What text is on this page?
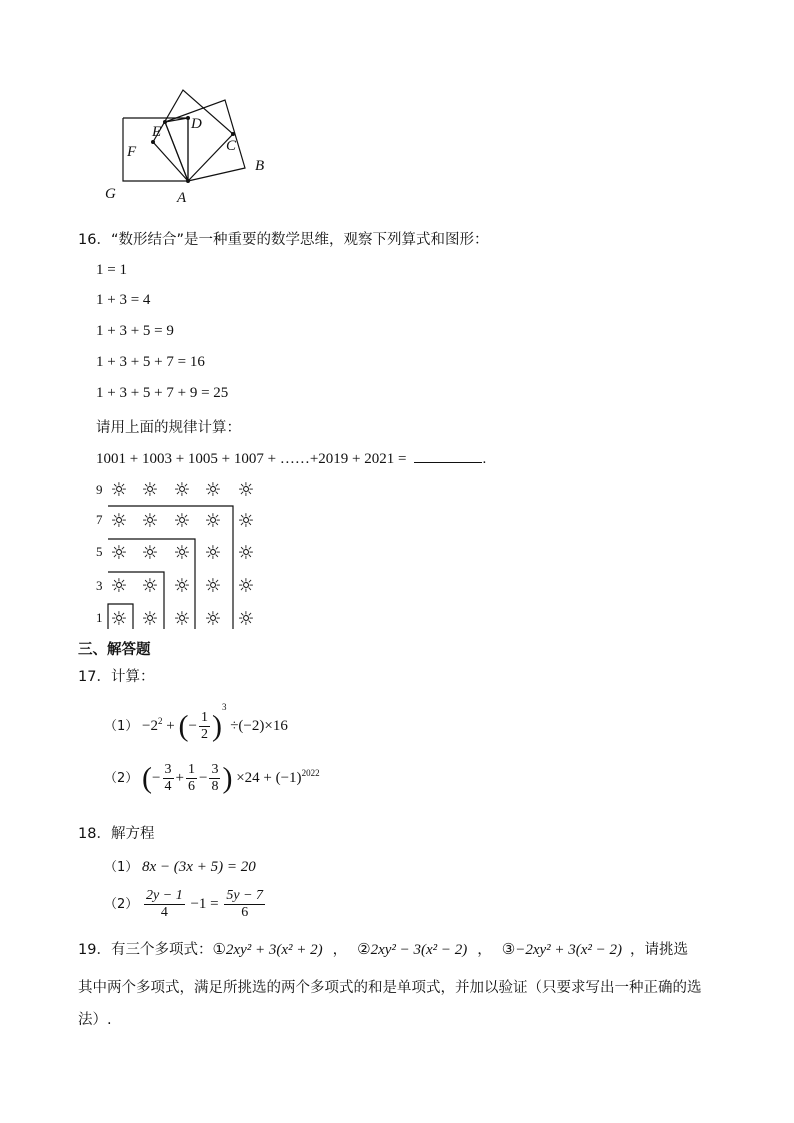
G
F
E D
C
B
A
16．“数形结合”是一种重要的数学思维，观察下列算式和图形：
1 = 1
1 + 3 = 4
1 + 3 + 5 = 9
1 + 3 + 5 + 7 = 16
1 + 3 + 5 + 7 + 9 = 25
请用上面的规律计算：
1001 + 1003 + 1005 + 1007 + ……+2019 + 2021 =	.
☼ ☼ ☼ ☼ ☼
☼ ☼ ☼ ☼ ☼
☼ ☼ ☼ ☼ ☼
☼ ☼ ☼ ☼ ☼
☼ ☼ ☼ ☼ ☼
9
7
5
3
1
三、解答题
17．计算：
$(1) -2^2$ + (− $\frac{1}{2} )^3 \div(-2)\times 16$
（2） (− $\frac{3}{4} + \frac{1}{6} - \frac{3}{8}$ ) $\times 24 + (-1)^{2022}$
18．解方程
（1） 8x − (3x + 5) = 20
$(2) \frac{2y - 1}{4} -1 = \frac{5y - 7}{6}$
19．有三个多项式：①2xy² + 3(x² + 2) ， ②2xy² − 3(x² − 2) ， ③−2xy² + 3(x² − 2) ，请挑选
其中两个多项式，满足所挑选的两个多项式的和是单项式，并加以验证（只要求写出一种正确的选
法）.
